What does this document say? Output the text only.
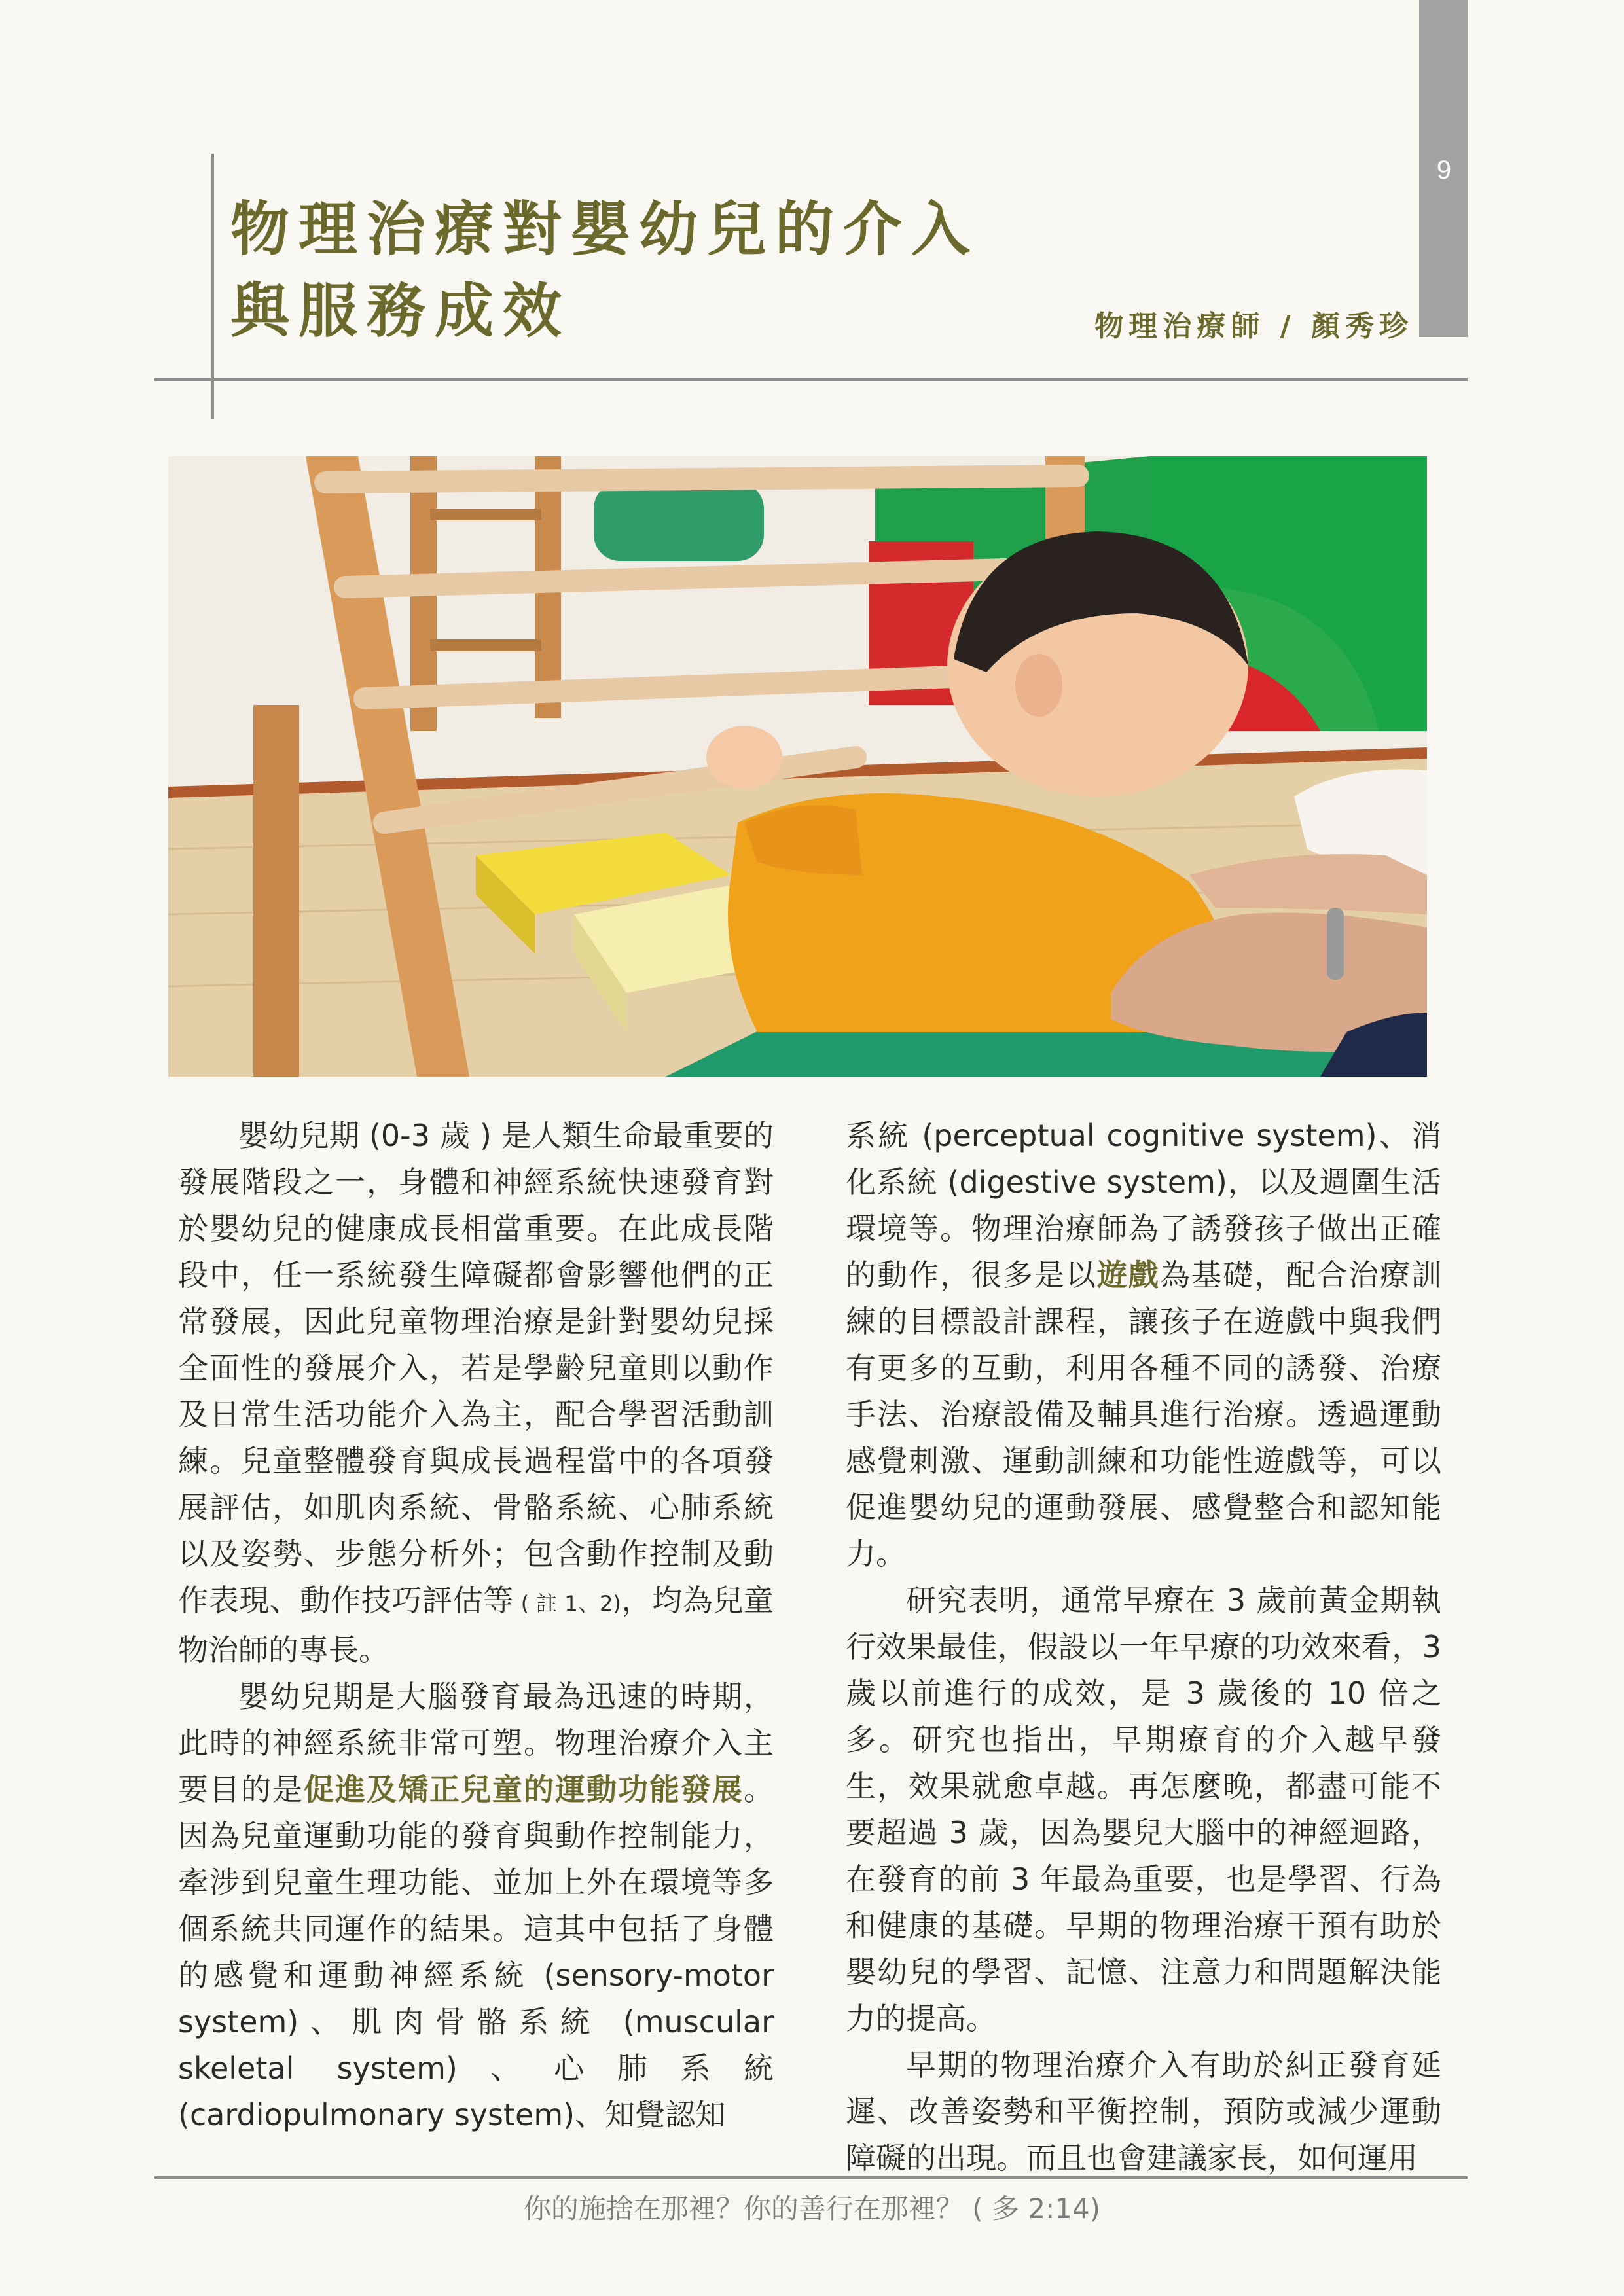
9
物理治療對嬰幼兒的介入
與服務成效	物理治療師 / 顏秀珍

嬰幼兒期 (0-3 歲 ) 是人類生命最重要的發展階段之一，身體和神經系統快速發育對於嬰幼兒的健康成長相當重要。在此成長階段中，任一系統發生障礙都會影響他們的正常發展，因此兒童物理治療是針對嬰幼兒採全面性的發展介入，若是學齡兒童則以動作及日常生活功能介入為主，配合學習活動訓練。兒童整體發育與成長過程當中的各項發展評估，如肌肉系統、骨骼系統、心肺系統以及姿勢、步態分析外；包含動作控制及動作表現、動作技巧評估等 ( 註 1、2)，均為兒童物治師的專長。

嬰幼兒期是大腦發育最為迅速的時期，此時的神經系統非常可塑。物理治療介入主要目的是促進及矯正兒童的運動功能發展。因為兒童運動功能的發育與動作控制能力，牽涉到兒童生理功能、並加上外在環境等多個系統共同運作的結果。這其中包括了身體的感覺和運動神經系統 (sensory-motor system)、肌肉骨骼系統 (muscular skeletal system)、心肺系統 (cardiopulmonary system)、知覺認知

系統 (perceptual cognitive system)、消化系統 (digestive system)，以及週圍生活環境等。物理治療師為了誘發孩子做出正確的動作，很多是以遊戲為基礎，配合治療訓練的目標設計課程，讓孩子在遊戲中與我們有更多的互動，利用各種不同的誘發、治療手法、治療設備及輔具進行治療。透過運動感覺刺激、運動訓練和功能性遊戲等，可以促進嬰幼兒的運動發展、感覺整合和認知能力。

研究表明，通常早療在 3 歲前黃金期執行效果最佳，假設以一年早療的功效來看，3 歲以前進行的成效，是 3 歲後的 10 倍之多。研究也指出，早期療育的介入越早發生，效果就愈卓越。再怎麼晚，都盡可能不要超過 3 歲，因為嬰兒大腦中的神經迴路，在發育的前 3 年最為重要，也是學習、行為和健康的基礎。早期的物理治療干預有助於嬰幼兒的學習、記憶、注意力和問題解決能力的提高。

早期的物理治療介入有助於糾正發育延遲、改善姿勢和平衡控制，預防或減少運動障礙的出現。而且也會建議家長，如何運用

你的施捨在那裡？你的善行在那裡？ ( 多 2:14)
